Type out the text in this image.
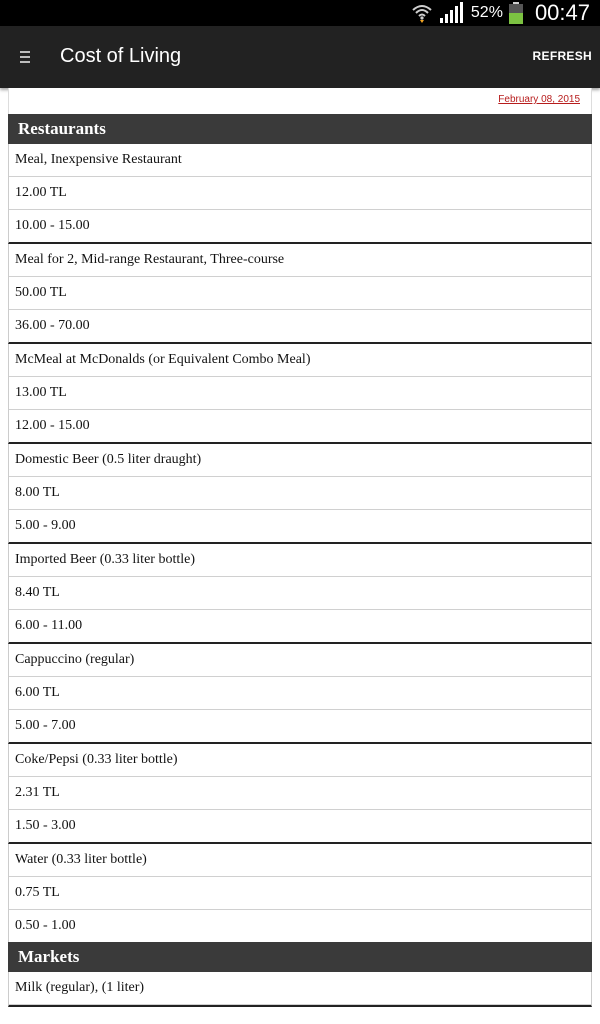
52% 00:47
Cost of Living	REFRESH
February 08, 2015
Restaurants
Meal, Inexpensive Restaurant
12.00 TL
10.00 - 15.00
Meal for 2, Mid-range Restaurant, Three-course
50.00 TL
36.00 - 70.00
McMeal at McDonalds (or Equivalent Combo Meal)
13.00 TL
12.00 - 15.00
Domestic Beer (0.5 liter draught)
8.00 TL
5.00 - 9.00
Imported Beer (0.33 liter bottle)
8.40 TL
6.00 - 11.00
Cappuccino (regular)
6.00 TL
5.00 - 7.00
Coke/Pepsi (0.33 liter bottle)
2.31 TL
1.50 - 3.00
Water (0.33 liter bottle)
0.75 TL
0.50 - 1.00
Markets
Milk (regular), (1 liter)
